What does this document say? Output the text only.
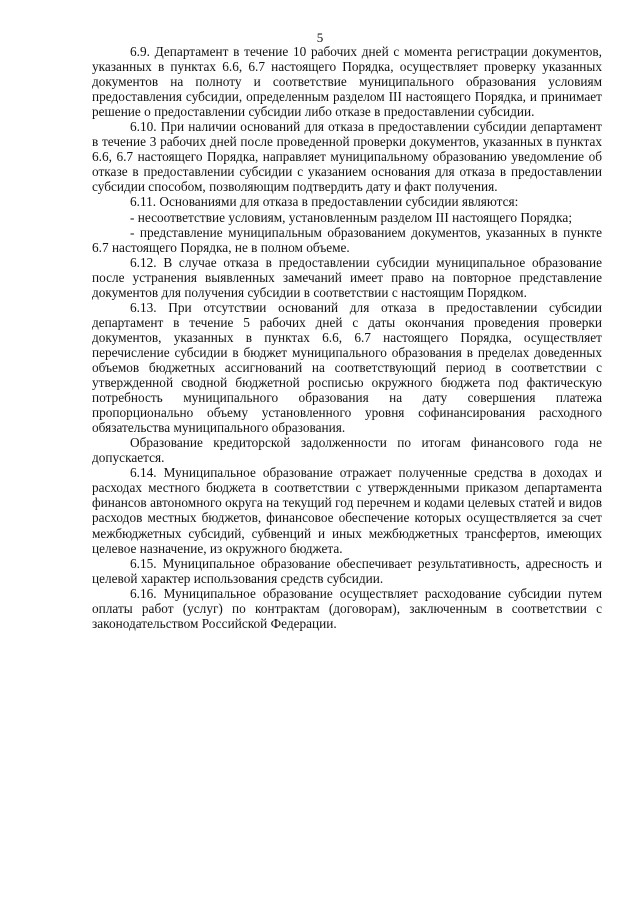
5

6.9. Департамент в течение 10 рабочих дней с момента регистрации документов, указанных в пунктах 6.6, 6.7 настоящего Порядка, осуществляет проверку указанных документов на полноту и соответствие муниципального образования условиям предоставления субсидии, определенным разделом III настоящего Порядка, и принимает решение о предоставлении субсидии либо отказе в предоставлении субсидии.

6.10. При наличии оснований для отказа в предоставлении субсидии департамент в течение 3 рабочих дней после проведенной проверки документов, указанных в пунктах 6.6, 6.7 настоящего Порядка, направляет муниципальному образованию уведомление об отказе в предоставлении субсидии с указанием основания для отказа в предоставлении субсидии способом, позволяющим подтвердить дату и факт получения.

6.11. Основаниями для отказа в предоставлении субсидии являются:

- несоответствие условиям, установленным разделом III настоящего Порядка;

- представление муниципальным образованием документов, указанных в пункте 6.7 настоящего Порядка, не в полном объеме.

6.12. В случае отказа в предоставлении субсидии муниципальное образование после устранения выявленных замечаний имеет право на повторное представление документов для получения субсидии в соответствии с настоящим Порядком.

6.13. При отсутствии оснований для отказа в предоставлении субсидии департамент в течение 5 рабочих дней с даты окончания проведения проверки документов, указанных в пунктах 6.6, 6.7 настоящего Порядка, осуществляет перечисление субсидии в бюджет муниципального образования в пределах доведенных объемов бюджетных ассигнований на соответствующий период в соответствии с утвержденной сводной бюджетной росписью окружного бюджета под фактическую потребность муниципального образования на дату совершения платежа пропорционально объему установленного уровня софинансирования расходного обязательства муниципального образования.

Образование кредиторской задолженности по итогам финансового года не допускается.

6.14. Муниципальное образование отражает полученные средства в доходах и расходах местного бюджета в соответствии с утвержденными приказом департамента финансов автономного округа на текущий год перечнем и кодами целевых статей и видов расходов местных бюджетов, финансовое обеспечение которых осуществляется за счет межбюджетных субсидий, субвенций и иных межбюджетных трансфертов, имеющих целевое назначение, из окружного бюджета.

6.15. Муниципальное образование обеспечивает результативность, адресность и целевой характер использования средств субсидии.

6.16. Муниципальное образование осуществляет расходование субсидии путем оплаты работ (услуг) по контрактам (договорам), заключенным в соответствии с законодательством Российской Федерации.
